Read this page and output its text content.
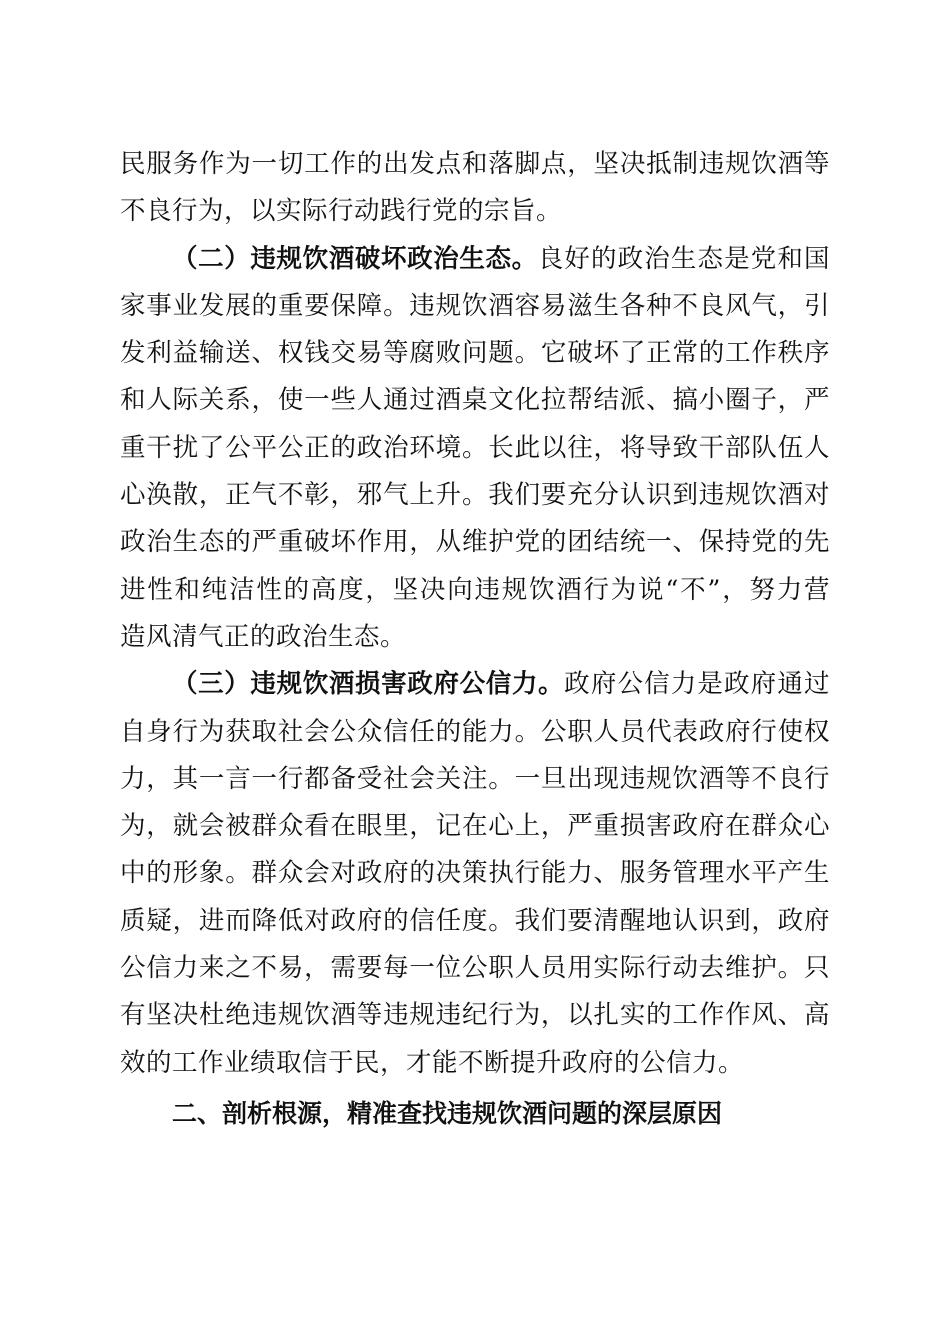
民服务作为一切工作的出发点和落脚点，坚决抵制违规饮酒等
不良行为，以实际行动践行党的宗旨。
（二）违规饮酒破坏政治生态。良好的政治生态是党和国
家事业发展的重要保障。违规饮酒容易滋生各种不良风气，引
发利益输送、权钱交易等腐败问题。它破坏了正常的工作秩序
和人际关系，使一些人通过酒桌文化拉帮结派、搞小圈子，严
重干扰了公平公正的政治环境。长此以往，将导致干部队伍人
心涣散，正气不彰，邪气上升。我们要充分认识到违规饮酒对
政治生态的严重破坏作用，从维护党的团结统一、保持党的先
进性和纯洁性的高度，坚决向违规饮酒行为说“不”，努力营
造风清气正的政治生态。
（三）违规饮酒损害政府公信力。政府公信力是政府通过
自身行为获取社会公众信任的能力。公职人员代表政府行使权
力，其一言一行都备受社会关注。一旦出现违规饮酒等不良行
为，就会被群众看在眼里，记在心上，严重损害政府在群众心
中的形象。群众会对政府的决策执行能力、服务管理水平产生
质疑，进而降低对政府的信任度。我们要清醒地认识到，政府
公信力来之不易，需要每一位公职人员用实际行动去维护。只
有坚决杜绝违规饮酒等违规违纪行为，以扎实的工作作风、高
效的工作业绩取信于民，才能不断提升政府的公信力。
二、剖析根源，精准查找违规饮酒问题的深层原因
